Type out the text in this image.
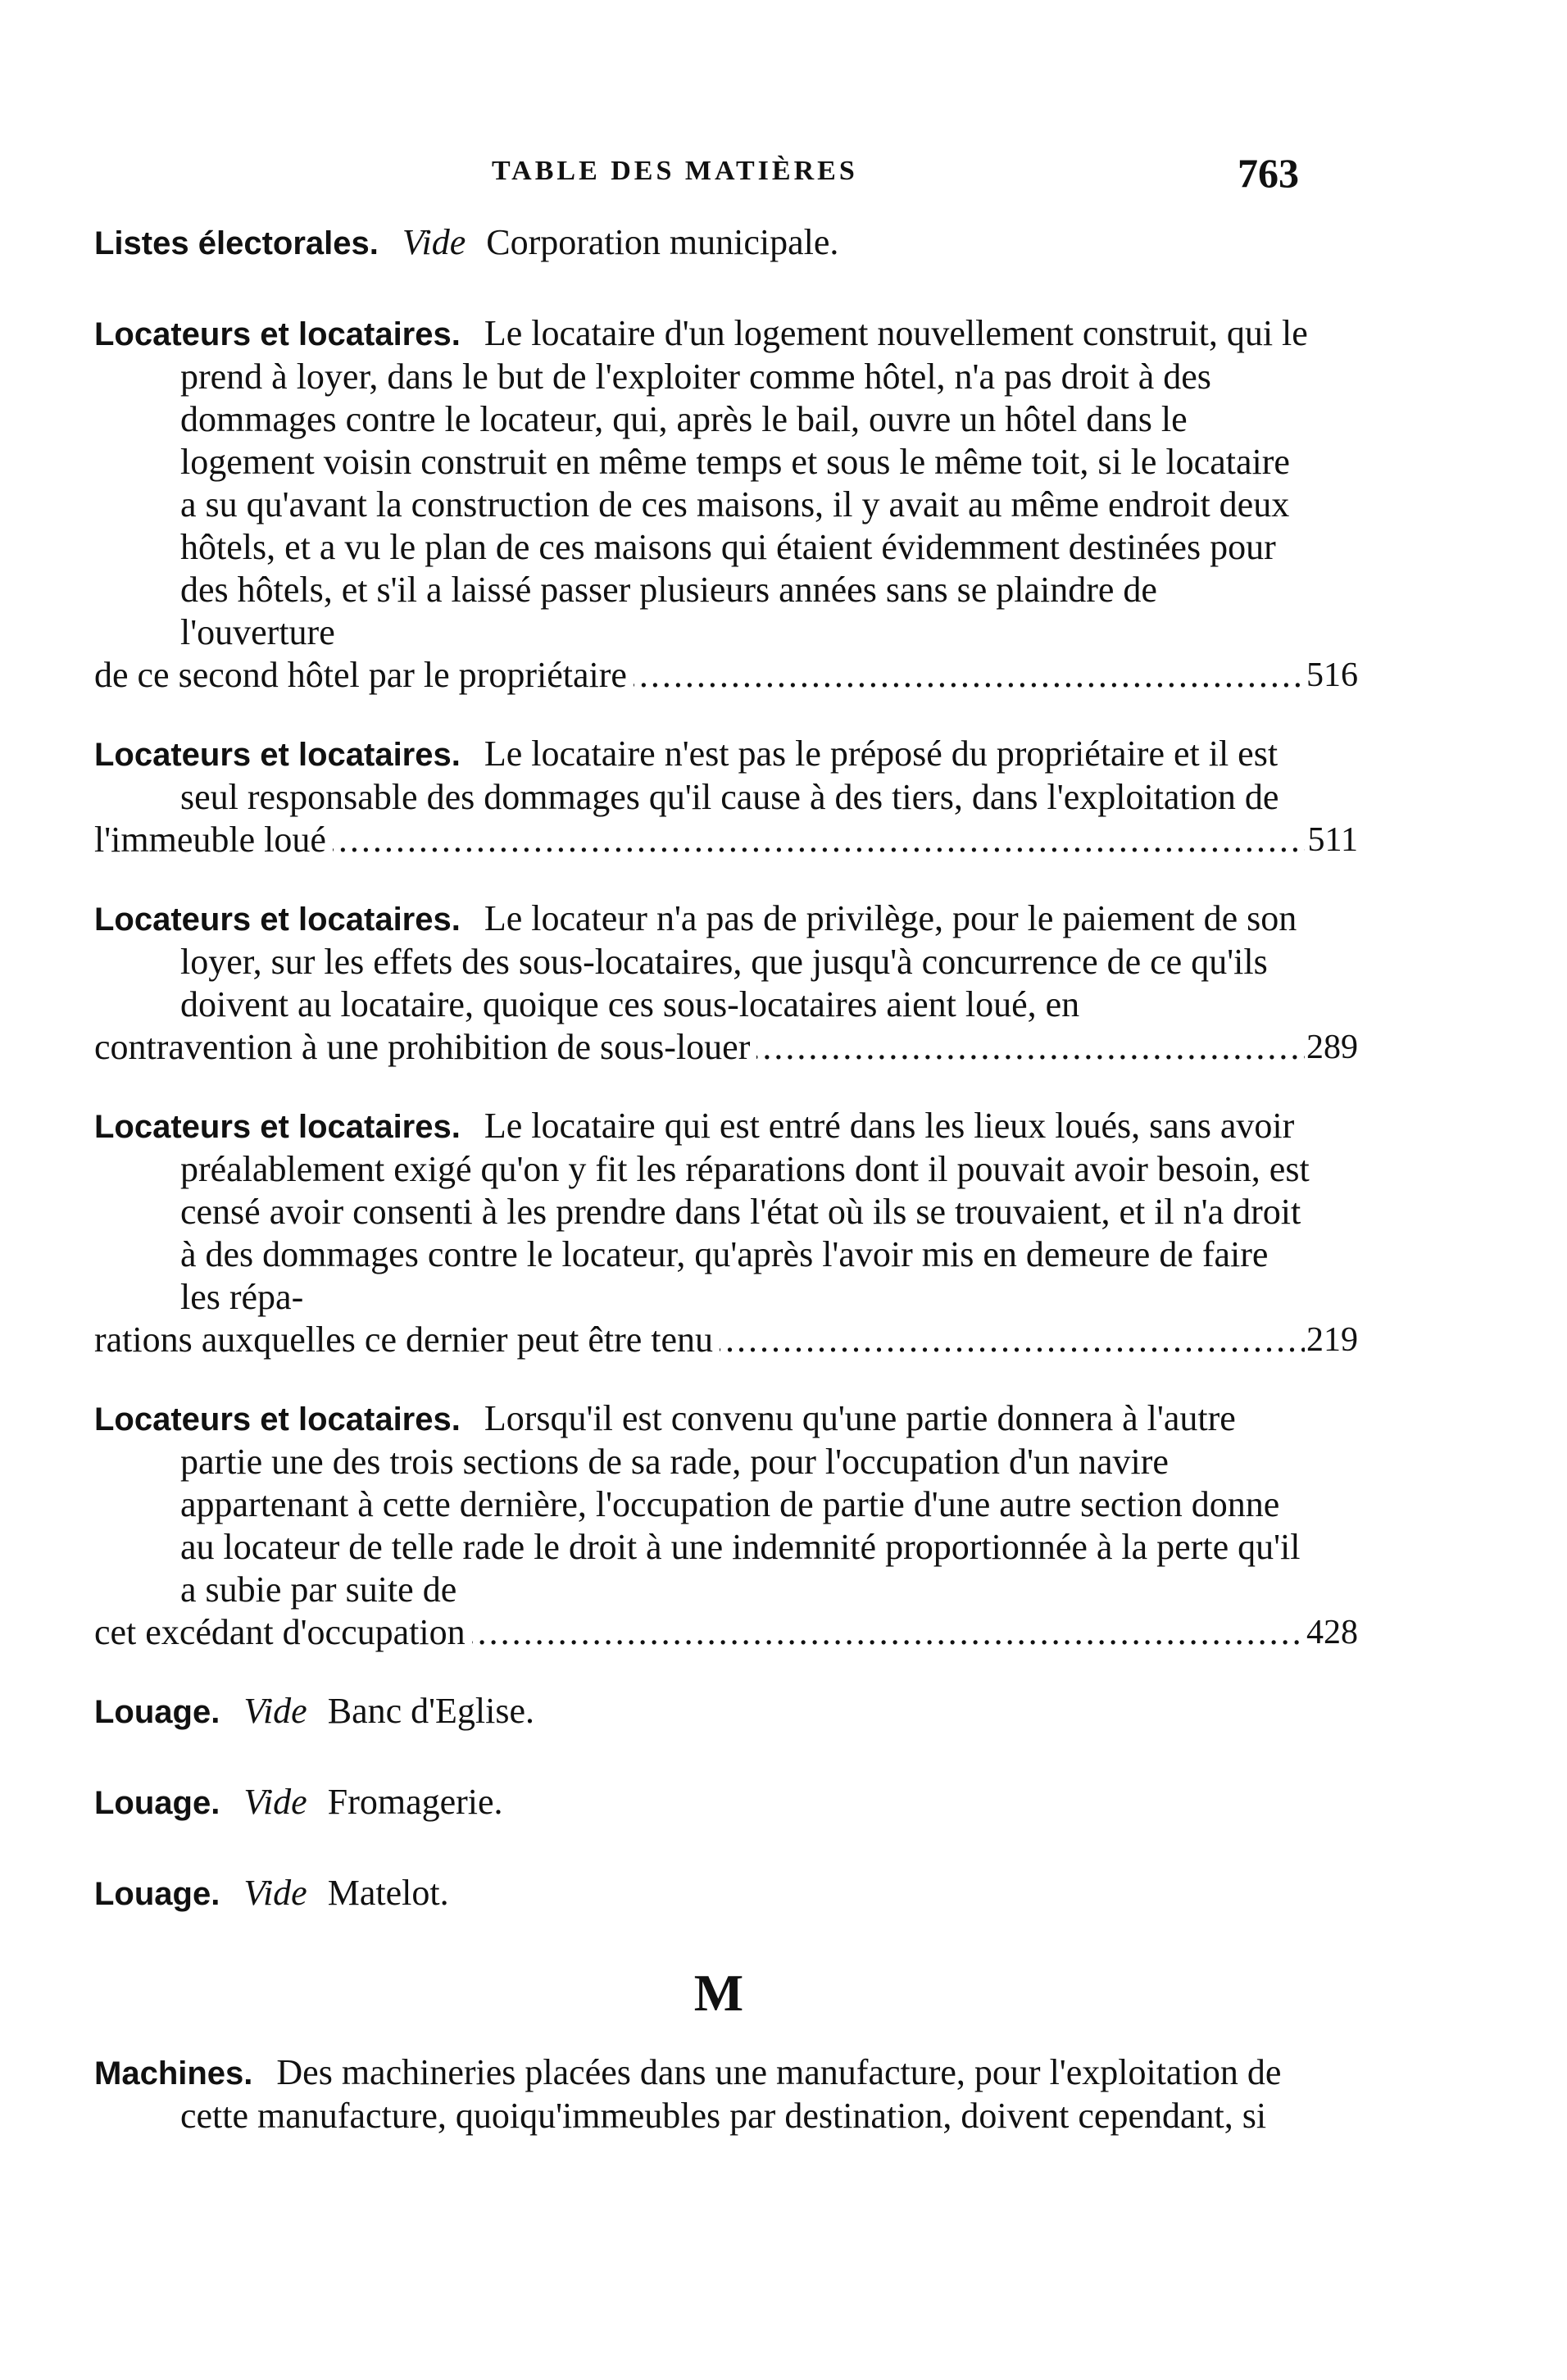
TABLE DES MATIÈRES	763
Listes électorales. Vide Corporation municipale.
Locateurs et locataires. Le locataire d'un logement nouvellement construit, qui le prend à loyer, dans le but de l'exploiter comme hôtel, n'a pas droit à des dommages contre le locateur, qui, après le bail, ouvre un hôtel dans le logement voisin construit en même temps et sous le même toit, si le locataire a su qu'avant la construction de ces maisons, il y avait au même endroit deux hôtels, et a vu le plan de ces maisons qui étaient évidemment destinées pour des hôtels, et s'il a laissé passer plusieurs années sans se plaindre de l'ouverture
de ce second hôtel par le propriétaire .....	516
Locateurs et locataires. Le locataire n'est pas le préposé du propriétaire et il est seul responsable des dommages qu'il cause à des tiers, dans l'exploitation de
l'immeuble loué .....	511
Locateurs et locataires. Le locateur n'a pas de privilège, pour le paiement de son loyer, sur les effets des sous-locataires, que jusqu'à concurrence de ce qu'ils doivent au locataire, quoique ces sous-locataires aient loué, en
contravention à une prohibition de sous-louer .....	289
Locateurs et locataires. Le locataire qui est entré dans les lieux loués, sans avoir préalablement exigé qu'on y fit les réparations dont il pouvait avoir besoin, est censé avoir consenti à les prendre dans l'état où ils se trouvaient, et il n'a droit à des dommages contre le locateur, qu'après l'avoir mis en demeure de faire les répa-
rations auxquelles ce dernier peut être tenu .....	219
Locateurs et locataires. Lorsqu'il est convenu qu'une partie donnera à l'autre partie une des trois sections de sa rade, pour l'occupation d'un navire appartenant à cette dernière, l'occupation de partie d'une autre section donne au locateur de telle rade le droit à une indemnité proportionnée à la perte qu'il a subie par suite de
cet excédant d'occupation .....	428
Louage. Vide Banc d'Eglise.
Louage. Vide Fromagerie.
Louage. Vide Matelot.
M
Machines. Des machineries placées dans une manufacture, pour l'exploitation de cette manufacture, quoiqu'immeubles par destination, doivent cependant, si
